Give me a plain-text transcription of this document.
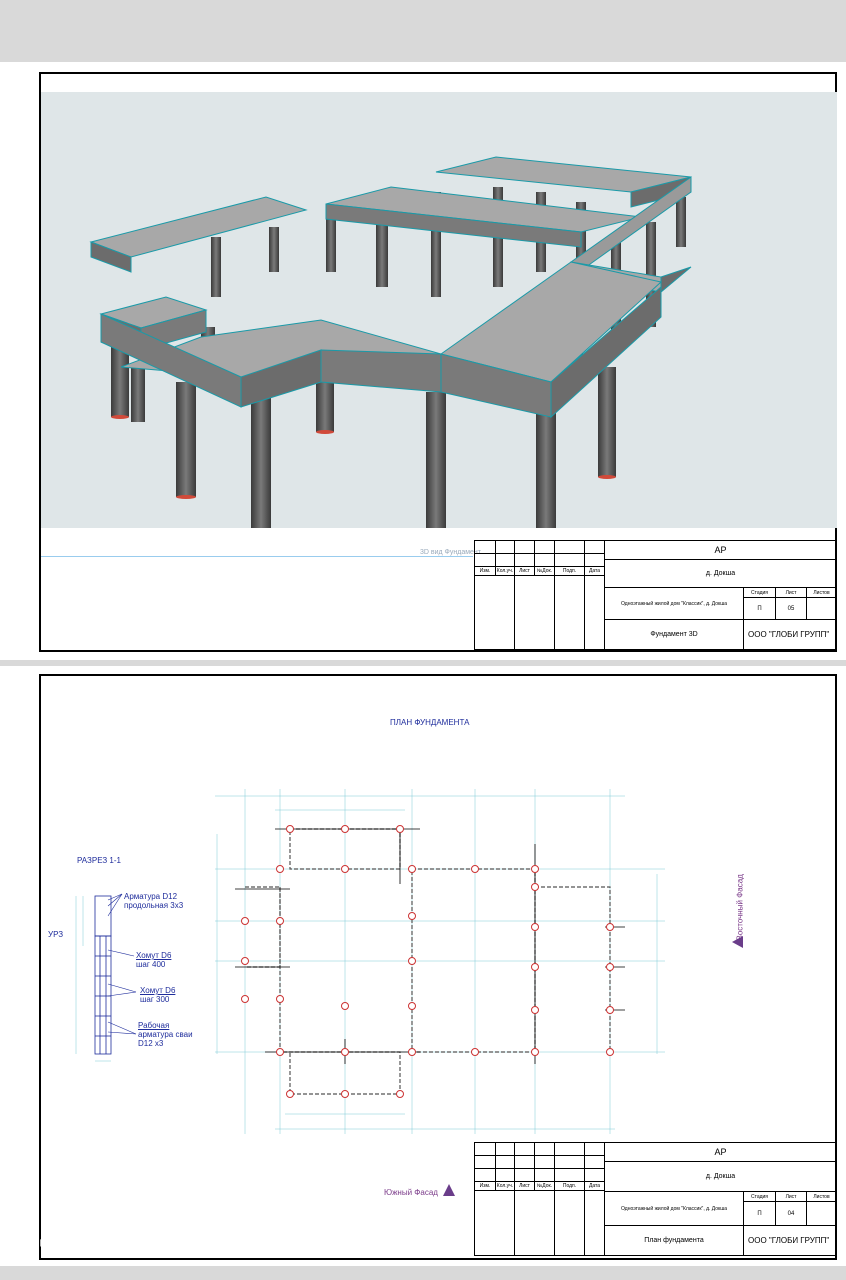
3D вид Фундамент
Изм.	Кол.уч.	Лист	№Док.	Подп.	Дата
АР
д. Докша
Одноэтажный жилой дом "Классик", д. Докша
Стадия	Лист	Листов
П	05
Фундамент 3D	ООО "ГЛОБИ ГРУПП"
ПЛАН ФУНДАМЕНТА
РАЗРЕЗ 1-1
УРЗ
Арматура D12
продольная 3х3
Хомут D6
шаг 400
Хомут D6
шаг 300
Рабочая
арматура сваи
D12 х3
Восточный Фасад
Южный Фасад
Изм.	Кол.уч.	Лист	№Док.	Подп.	Дата
АР
д. Докша
Одноэтажный жилой дом "Классик", д. Докша
Стадия	Лист	Листов
П	04
План фундамента	ООО "ГЛОБИ ГРУПП"
Домклик
